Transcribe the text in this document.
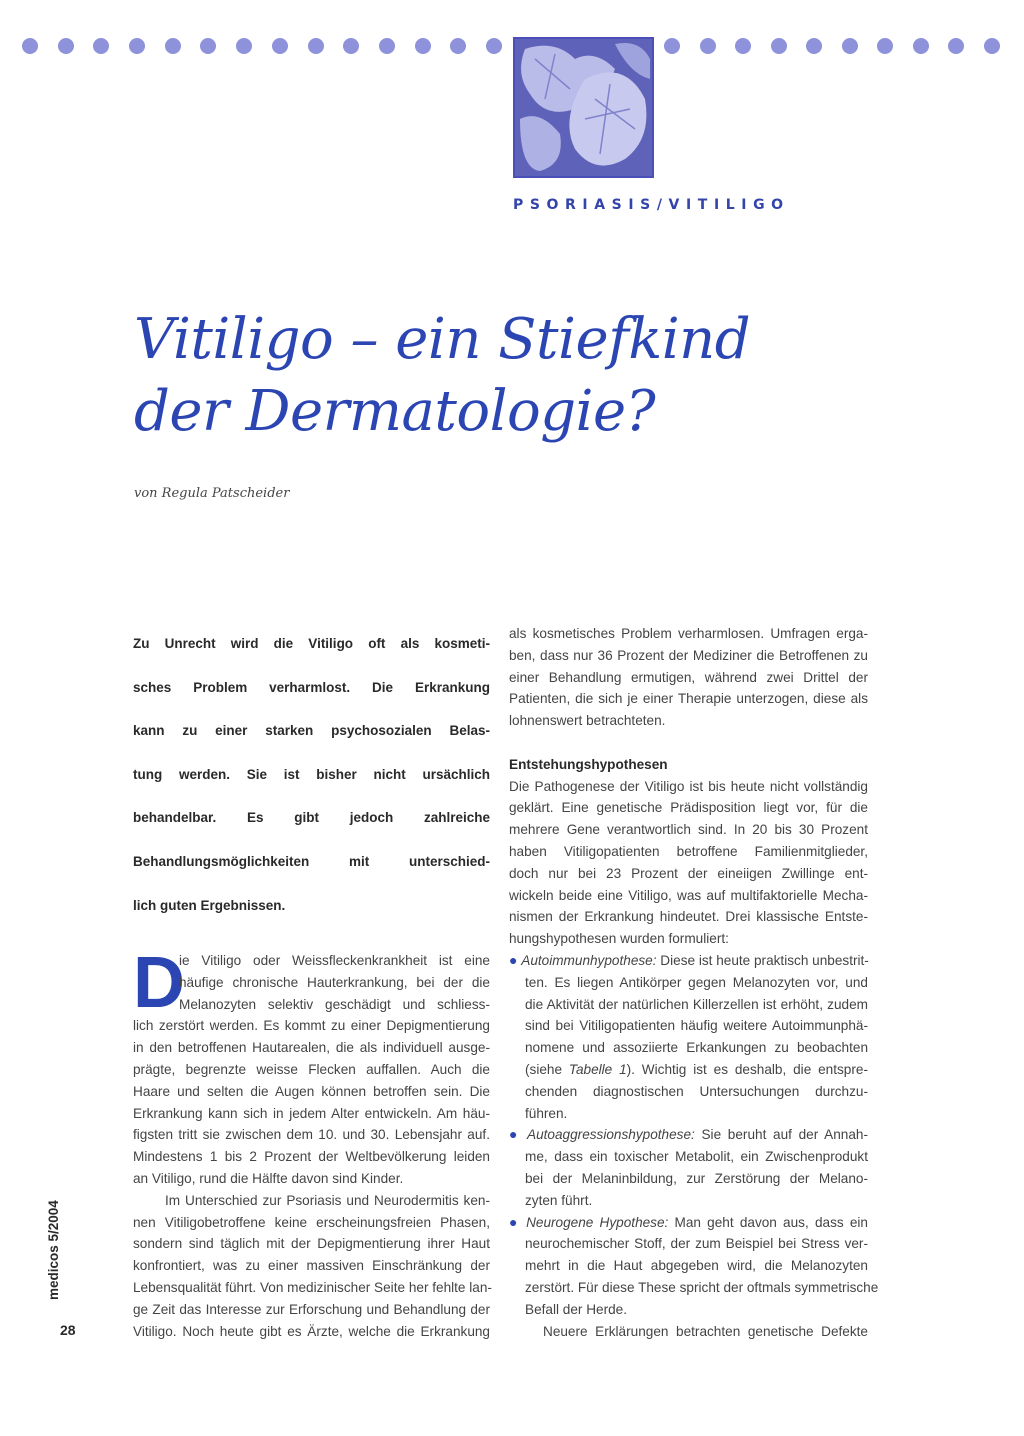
PSORIASIS/VITILIGO

Vitiligo – ein Stiefkind
der Dermatologie?

von Regula Patscheider

Zu Unrecht wird die Vitiligo oft als kosmeti-
sches Problem verharmlost. Die Erkrankung
kann zu einer starken psychosozialen Belas-
tung werden. Sie ist bisher nicht ursächlich
behandelbar. Es gibt jedoch zahlreiche
Behandlungsmöglichkeiten mit unterschied-
lich guten Ergebnissen.
D
ie Vitiligo oder Weissfleckenkrankheit ist eine
häufige chronische Hauterkrankung, bei der die
Melanozyten selektiv geschädigt und schliess-
lich zerstört werden. Es kommt zu einer Depigmentierung
in den betroffenen Hautarealen, die als individuell ausge-
prägte, begrenzte weisse Flecken auffallen. Auch die
Haare und selten die Augen können betroffen sein. Die
Erkrankung kann sich in jedem Alter entwickeln. Am häu-
figsten tritt sie zwischen dem 10. und 30. Lebensjahr auf.
Mindestens 1 bis 2 Prozent der Weltbevölkerung leiden
an Vitiligo, rund die Hälfte davon sind Kinder.
Im Unterschied zur Psoriasis und Neurodermitis ken-
nen Vitiligobetroffene keine erscheinungsfreien Phasen,
sondern sind täglich mit der Depigmentierung ihrer Haut
konfrontiert, was zu einer massiven Einschränkung der
Lebensqualität führt. Von medizinischer Seite her fehlte lan-
ge Zeit das Interesse zur Erforschung und Behandlung der
Vitiligo. Noch heute gibt es Ärzte, welche die Erkrankung
als kosmetisches Problem verharmlosen. Umfragen erga-
ben, dass nur 36 Prozent der Mediziner die Betroffenen zu
einer Behandlung ermutigen, während zwei Drittel der
Patienten, die sich je einer Therapie unterzogen, diese als
lohnenswert betrachteten.
Entstehungshypothesen
Die Pathogenese der Vitiligo ist bis heute nicht vollständig
geklärt. Eine genetische Prädisposition liegt vor, für die
mehrere Gene verantwortlich sind. In 20 bis 30 Prozent
haben Vitiligopatienten betroffene Familienmitglieder,
doch nur bei 23 Prozent der eineiigen Zwillinge ent-
wickeln beide eine Vitiligo, was auf multifaktorielle Mecha-
nismen der Erkrankung hindeutet. Drei klassische Entste-
hungshypothesen wurden formuliert:
● Autoimmunhypothese: Diese ist heute praktisch unbestrit-
ten. Es liegen Antikörper gegen Melanozyten vor, und
die Aktivität der natürlichen Killerzellen ist erhöht, zudem
sind bei Vitiligopatienten häufig weitere Autoimmunphä-
nomene und assoziierte Erkankungen zu beobachten
(siehe Tabelle 1). Wichtig ist es deshalb, die entspre-
chenden diagnostischen Untersuchungen durchzu-
führen.
● Autoaggressionshypothese: Sie beruht auf der Annah-
me, dass ein toxischer Metabolit, ein Zwischenprodukt
bei der Melaninbildung, zur Zerstörung der Melano-
zyten führt.
● Neurogene Hypothese: Man geht davon aus, dass ein
neurochemischer Stoff, der zum Beispiel bei Stress ver-
mehrt in die Haut abgegeben wird, die Melanozyten
zerstört. Für diese These spricht der oftmals symmetrische
Befall der Herde.
Neuere Erklärungen betrachten genetische Defekte
medicos 5/2004
28
